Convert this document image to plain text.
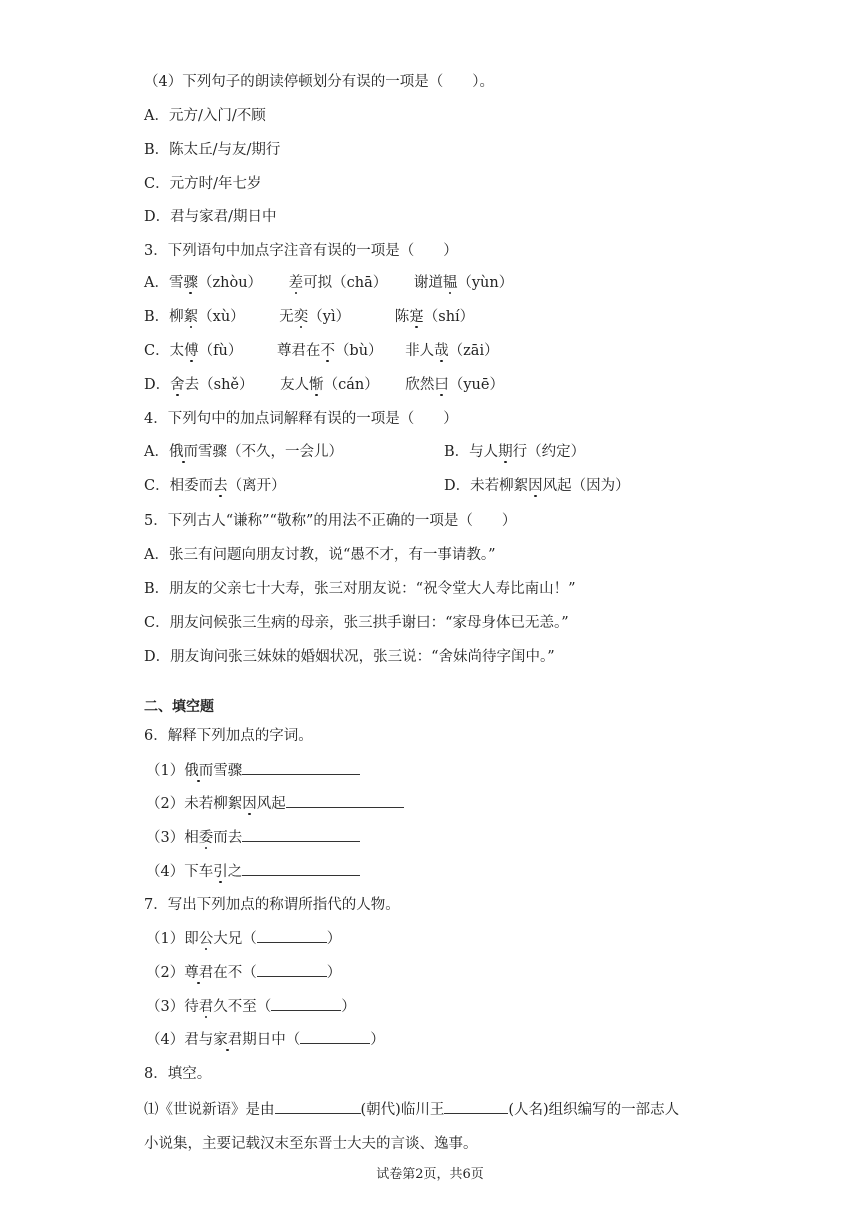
（4）下列句子的朗读停顿划分有误的一项是（　　）。
A．元方/入门/不顾
B．陈太丘/与友/期行
C．元方时/年七岁
D．君与家君/期日中
3．下列语句中加点字注音有误的一项是（　　）
A．雪骤（zhòu） 差可拟（chā） 谢道韫（yùn）
B．柳絮（xù） 无奕（yì）	陈寔（shí）
C．太傅（fù） 尊君在不（bù） 非人哉（zāi）
D．舍去（shě） 友人惭（cán） 欣然曰（yuē）
4．下列句中的加点词解释有误的一项是（　　）
A．俄而雪骤（不久，一会儿）	B．与人期行（约定）
C．相委而去（离开）	D．未若柳絮因风起（因为）
5．下列古人“谦称”“敬称”的用法不正确的一项是（　　）
A．张三有问题向朋友讨教，说“愚不才，有一事请教。”
B．朋友的父亲七十大寿，张三对朋友说：“祝令堂大人寿比南山！”
C．朋友问候张三生病的母亲，张三拱手谢曰：“家母身体已无恙。”
D．朋友询问张三妹妹的婚姻状况，张三说：“舍妹尚待字闺中。”
二、填空题
6．解释下列加点的字词。
（1）俄而雪骤
（2）未若柳絮因风起
（3）相委而去
（4）下车引之
7．写出下列加点的称谓所指代的人物。
（1）即公大兄（	）
（2）尊君在不（	）
（3）待君久不至（	）
（4）君与家君期日中（	）
8．填空。
⑴《世说新语》是由	(朝代)临川王	(人名)组织编写的一部志人
小说集，主要记载汉末至东晋士大夫的言谈、逸事。
试卷第2页，共6页
